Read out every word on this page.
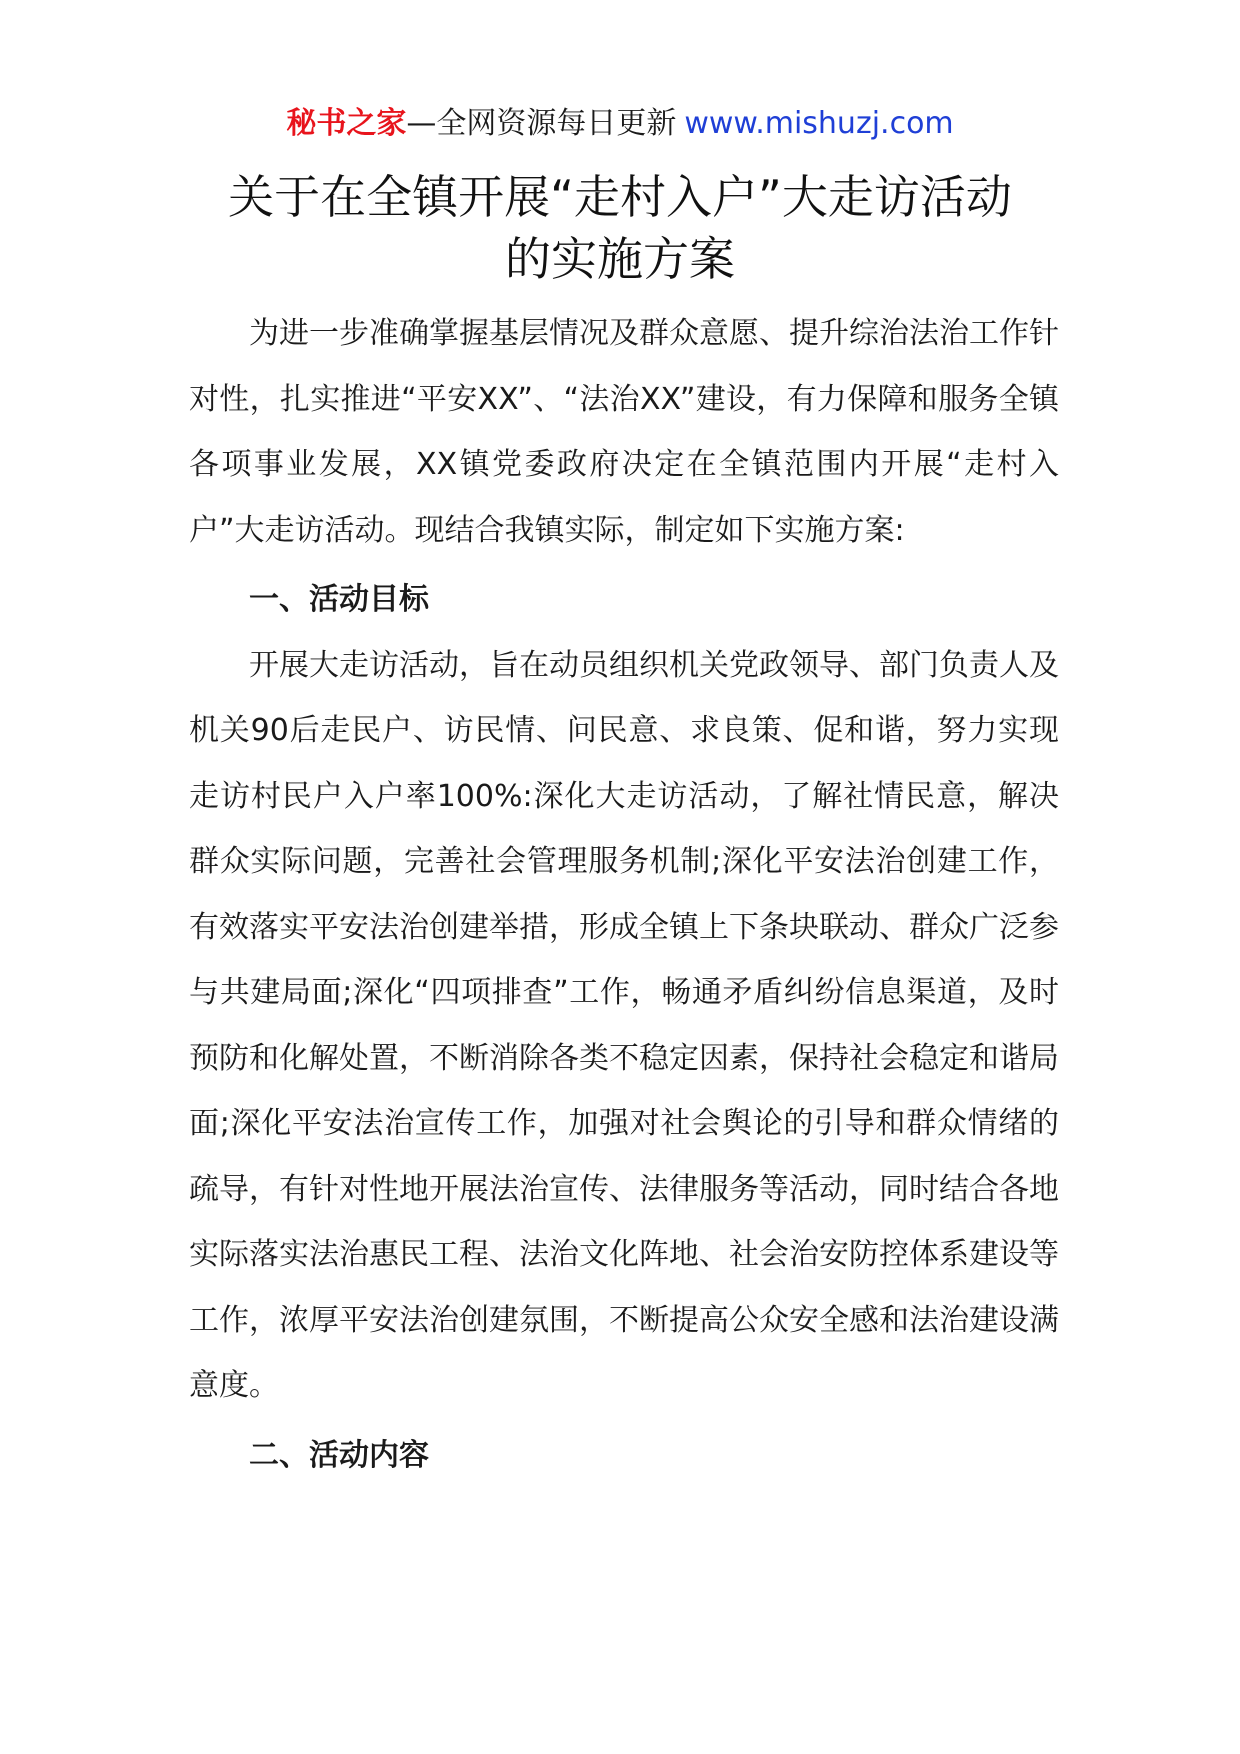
秘书之家—全网资源每日更新 www.mishuzj.com
关于在全镇开展“走村入户”大走访活动
的实施方案

为进一步准确掌握基层情况及群众意愿、提升综治法治工作针对性，扎实推进“平安XX”、“法治XX”建设，有力保障和服务全镇各项事业发展，XX镇党委政府决定在全镇范围内开展“走村入户”大走访活动。现结合我镇实际，制定如下实施方案:

一、活动目标

开展大走访活动，旨在动员组织机关党政领导、部门负责人及机关90后走民户、访民情、问民意、求良策、促和谐，努力实现走访村民户入户率100%:深化大走访活动，了解社情民意，解决群众实际问题，完善社会管理服务机制;深化平安法治创建工作，有效落实平安法治创建举措，形成全镇上下条块联动、群众广泛参与共建局面;深化“四项排查”工作，畅通矛盾纠纷信息渠道，及时预防和化解处置，不断消除各类不稳定因素，保持社会稳定和谐局面;深化平安法治宣传工作，加强对社会舆论的引导和群众情绪的疏导，有针对性地开展法治宣传、法律服务等活动，同时结合各地实际落实法治惠民工程、法治文化阵地、社会治安防控体系建设等工作，浓厚平安法治创建氛围，不断提高公众安全感和法治建设满意度。

二、活动内容
